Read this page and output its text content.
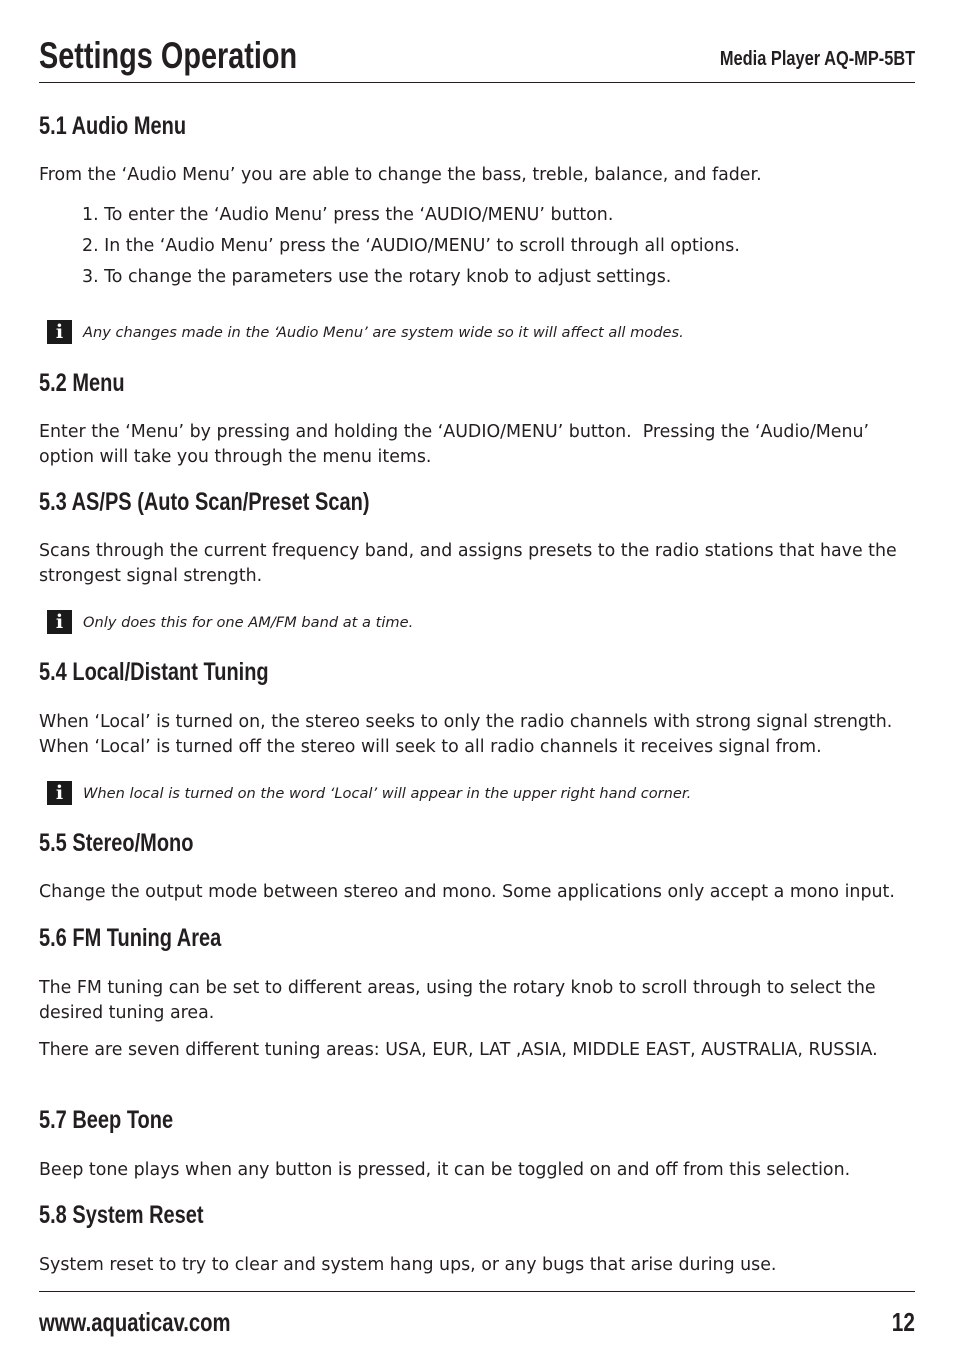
Settings Operation	Media Player AQ-MP-5BT
5.1 Audio Menu

From the ‘Audio Menu’ you are able to change the bass, treble, balance, and fader.

1. To enter the ‘Audio Menu’ press the ‘AUDIO/MENU’ button.
2. In the ‘Audio Menu’ press the ‘AUDIO/MENU’ to scroll through all options.
3. To change the parameters use the rotary knob to adjust settings.
i	Any changes made in the ‘Audio Menu’ are system wide so it will affect all modes.
5.2 Menu

Enter the ‘Menu’ by pressing and holding the ‘AUDIO/MENU’ button.  Pressing the ‘Audio/Menu’ option will take you through the menu items.

5.3 AS/PS (Auto Scan/Preset Scan)

Scans through the current frequency band, and assigns presets to the radio stations that have the strongest signal strength.

i	Only does this for one AM/FM band at a time.
5.4 Local/Distant Tuning

When ‘Local’ is turned on, the stereo seeks to only the radio channels with strong signal strength. When ‘Local’ is turned off the stereo will seek to all radio channels it receives signal from.

i	When local is turned on the word ‘Local’ will appear in the upper right hand corner.
5.5 Stereo/Mono

Change the output mode between stereo and mono. Some applications only accept a mono input.

5.6 FM Tuning Area

The FM tuning can be set to different areas, using the rotary knob to scroll through to select the desired tuning area.

There are seven different tuning areas: USA, EUR, LAT ,ASIA, MIDDLE EAST, AUSTRALIA, RUSSIA.

5.7 Beep Tone

Beep tone plays when any button is pressed, it can be toggled on and off from this selection.

5.8 System Reset

System reset to try to clear and system hang ups, or any bugs that arise during use.

www.aquaticav.com	12
